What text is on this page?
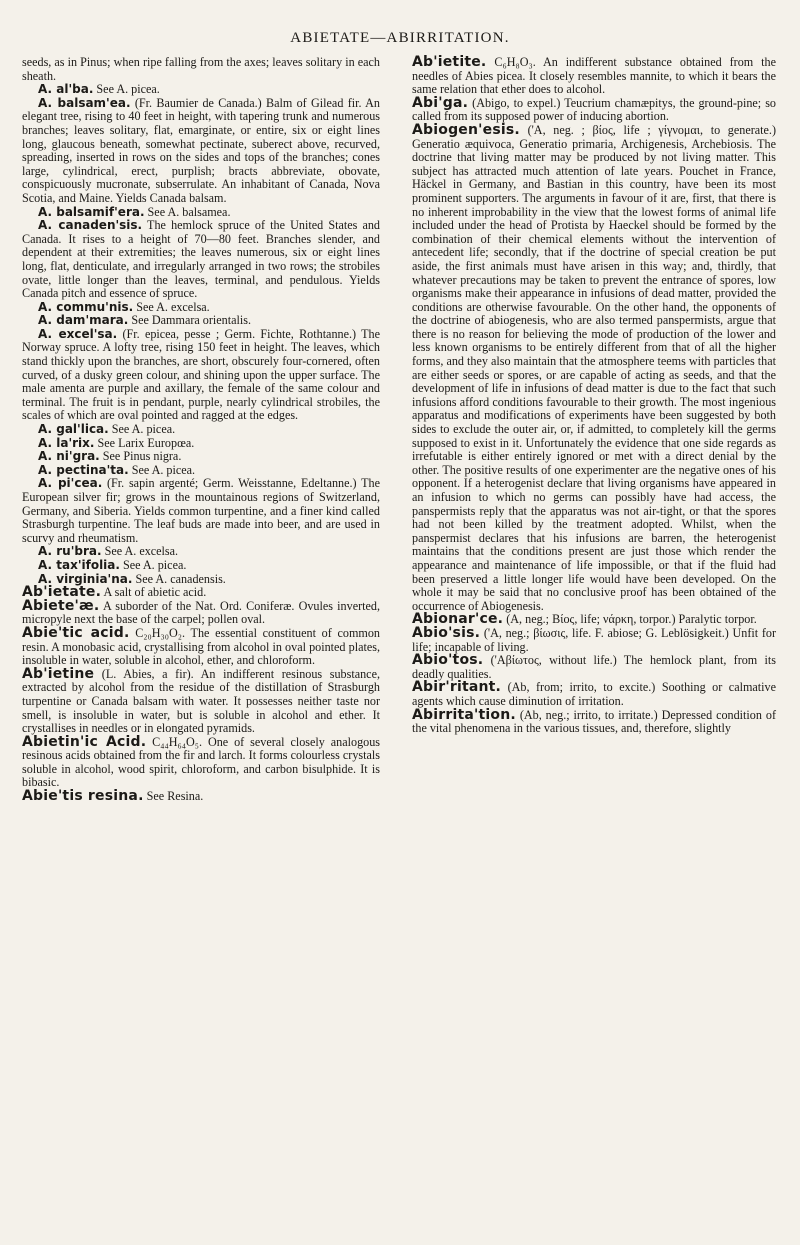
ABIETATE—ABIRRITATION.

seeds, as in Pinus; when ripe falling from the axes; leaves solitary in each sheath.

A. al'ba. See A. picea.

A. balsam'ea. (Fr. Baumier de Canada.) Balm of Gilead fir. An elegant tree, rising to 40 feet in height, with tapering trunk and numerous branches; leaves solitary, flat, emarginate, or entire, six or eight lines long, glaucous beneath, somewhat pectinate, suberect above, recurved, spreading, inserted in rows on the sides and tops of the branches; cones large, cylindrical, erect, purplish; bracts abbreviate, obovate, conspicuously mucronate, subserrulate. An inhabitant of Canada, Nova Scotia, and Maine. Yields Canada balsam.

A. balsamif'era. See A. balsamea.

A. canaden'sis. The hemlock spruce of the United States and Canada. It rises to a height of 70—80 feet. Branches slender, and dependent at their extremities; the leaves numerous, six or eight lines long, flat, denticulate, and irregularly arranged in two rows; the strobiles ovate, little longer than the leaves, terminal, and pendulous. Yields Canada pitch and essence of spruce.

A. commu'nis. See A. excelsa.

A. dam'mara. See Dammara orientalis.

A. excel'sa. (Fr. epicea, pesse ; Germ. Fichte, Rothtanne.) The Norway spruce. A lofty tree, rising 150 feet in height. The leaves, which stand thickly upon the branches, are short, obscurely four-cornered, often curved, of a dusky green colour, and shining upon the upper surface. The male amenta are purple and axillary, the female of the same colour and terminal. The fruit is in pendant, purple, nearly cylindrical strobiles, the scales of which are oval pointed and ragged at the edges.

A. gal'lica. See A. picea.

A. la'rix. See Larix Europœa.

A. ni'gra. See Pinus nigra.

A. pectina'ta. See A. picea.

A. pi'cea. (Fr. sapin argenté; Germ. Weisstanne, Edeltanne.) The European silver fir; grows in the mountainous regions of Switzerland, Germany, and Siberia. Yields common turpentine, and a finer kind called Strasburgh turpentine. The leaf buds are made into beer, and are used in scurvy and rheumatism.

A. ru'bra. See A. excelsa.

A. tax'ifolia. See A. picea.

A. virginia'na. See A. canadensis.

Ab'ietate. A salt of abietic acid.

Abiete'æ. A suborder of the Nat. Ord. Coniferæ. Ovules inverted, micropyle next the base of the carpel; pollen oval.

Abie'tic acid. C₂₀H₃₀O₂. The essential constituent of common resin. A monobasic acid, crystallising from alcohol in oval pointed plates, insoluble in water, soluble in alcohol, ether, and chloroform.

Ab'ietine (L. Abies, a fir). An indifferent resinous substance, extracted by alcohol from the residue of the distillation of Strasburgh turpentine or Canada balsam with water. It possesses neither taste nor smell, is insoluble in water, but is soluble in alcohol and ether. It crystallises in needles or in elongated pyramids.

Abietin'ic Acid. C₄₄H₆₄O₅. One of several closely analogous resinous acids obtained from the fir and larch. It forms colourless crystals soluble in alcohol, wood spirit, chloroform, and carbon bisulphide. It is bibasic.

Abie'tis resina. See Resina.

Ab'ietite. C₆H₈O₃. An indifferent substance obtained from the needles of Abies picea. It closely resembles mannite, to which it bears the same relation that ether does to alcohol.

Abi'ga. (Abigo, to expel.) Teucrium chamæpitys, the ground-pine; so called from its supposed power of inducing abortion.

Abiogen'esis. ('A, neg. ; βίος, life ; γίγνομαι, to generate.) Generatio æquivoca, Generatio primaria, Archigenesis, Archebiosis. The doctrine that living matter may be produced by not living matter. This subject has attracted much attention of late years. Pouchet in France, Häckel in Germany, and Bastian in this country, have been its most prominent supporters. The arguments in favour of it are, first, that there is no inherent improbability in the view that the lowest forms of animal life included under the head of Protista by Haeckel should be formed by the combination of their chemical elements without the intervention of antecedent life; secondly, that if the doctrine of special creation be put aside, the first animals must have arisen in this way; and, thirdly, that whatever precautions may be taken to prevent the entrance of spores, low organisms make their appearance in infusions of dead matter, provided the conditions are otherwise favourable. On the other hand, the opponents of the doctrine of abiogenesis, who are also termed panspermists, argue that there is no reason for believing the mode of production of the lower and less known organisms to be entirely different from that of all the higher forms, and they also maintain that the atmosphere teems with particles that are either seeds or spores, or are capable of acting as seeds, and that the development of life in infusions of dead matter is due to the fact that such infusions afford conditions favourable to their growth. The most ingenious apparatus and modifications of experiments have been suggested by both sides to exclude the outer air, or, if admitted, to completely kill the germs supposed to exist in it. Unfortunately the evidence that one side regards as irrefutable is either entirely ignored or met with a direct denial by the other. The positive results of one experimenter are the negative ones of his opponent. If a heterogenist declare that living organisms have appeared in an infusion to which no germs can possibly have had access, the panspermists reply that the apparatus was not air-tight, or that the spores had not been killed by the treatment adopted. Whilst, when the panspermist declares that his infusions are barren, the heterogenist maintains that the conditions present are just those which render the appearance and maintenance of life impossible, or that if the fluid had been preserved a little longer life would have been developed. On the whole it may be said that no conclusive proof has been obtained of the occurrence of Abiogenesis.

Abionar'ce. (A, neg.; Βίος, life; νάρκη, torpor.) Paralytic torpor.

Abio'sis. ('A, neg.; βίωσις, life. F. abiose; G. Leblösigkeit.) Unfit for life; incapable of living.

Abio'tos. ('Αβίωτος, without life.) The hemlock plant, from its deadly qualities.

Abir'ritant. (Ab, from; irrito, to excite.) Soothing or calmative agents which cause diminution of irritation.

Abirrita'tion. (Ab, neg.; irrito, to irritate.) Depressed condition of the vital phenomena in the various tissues, and, therefore, slightly
